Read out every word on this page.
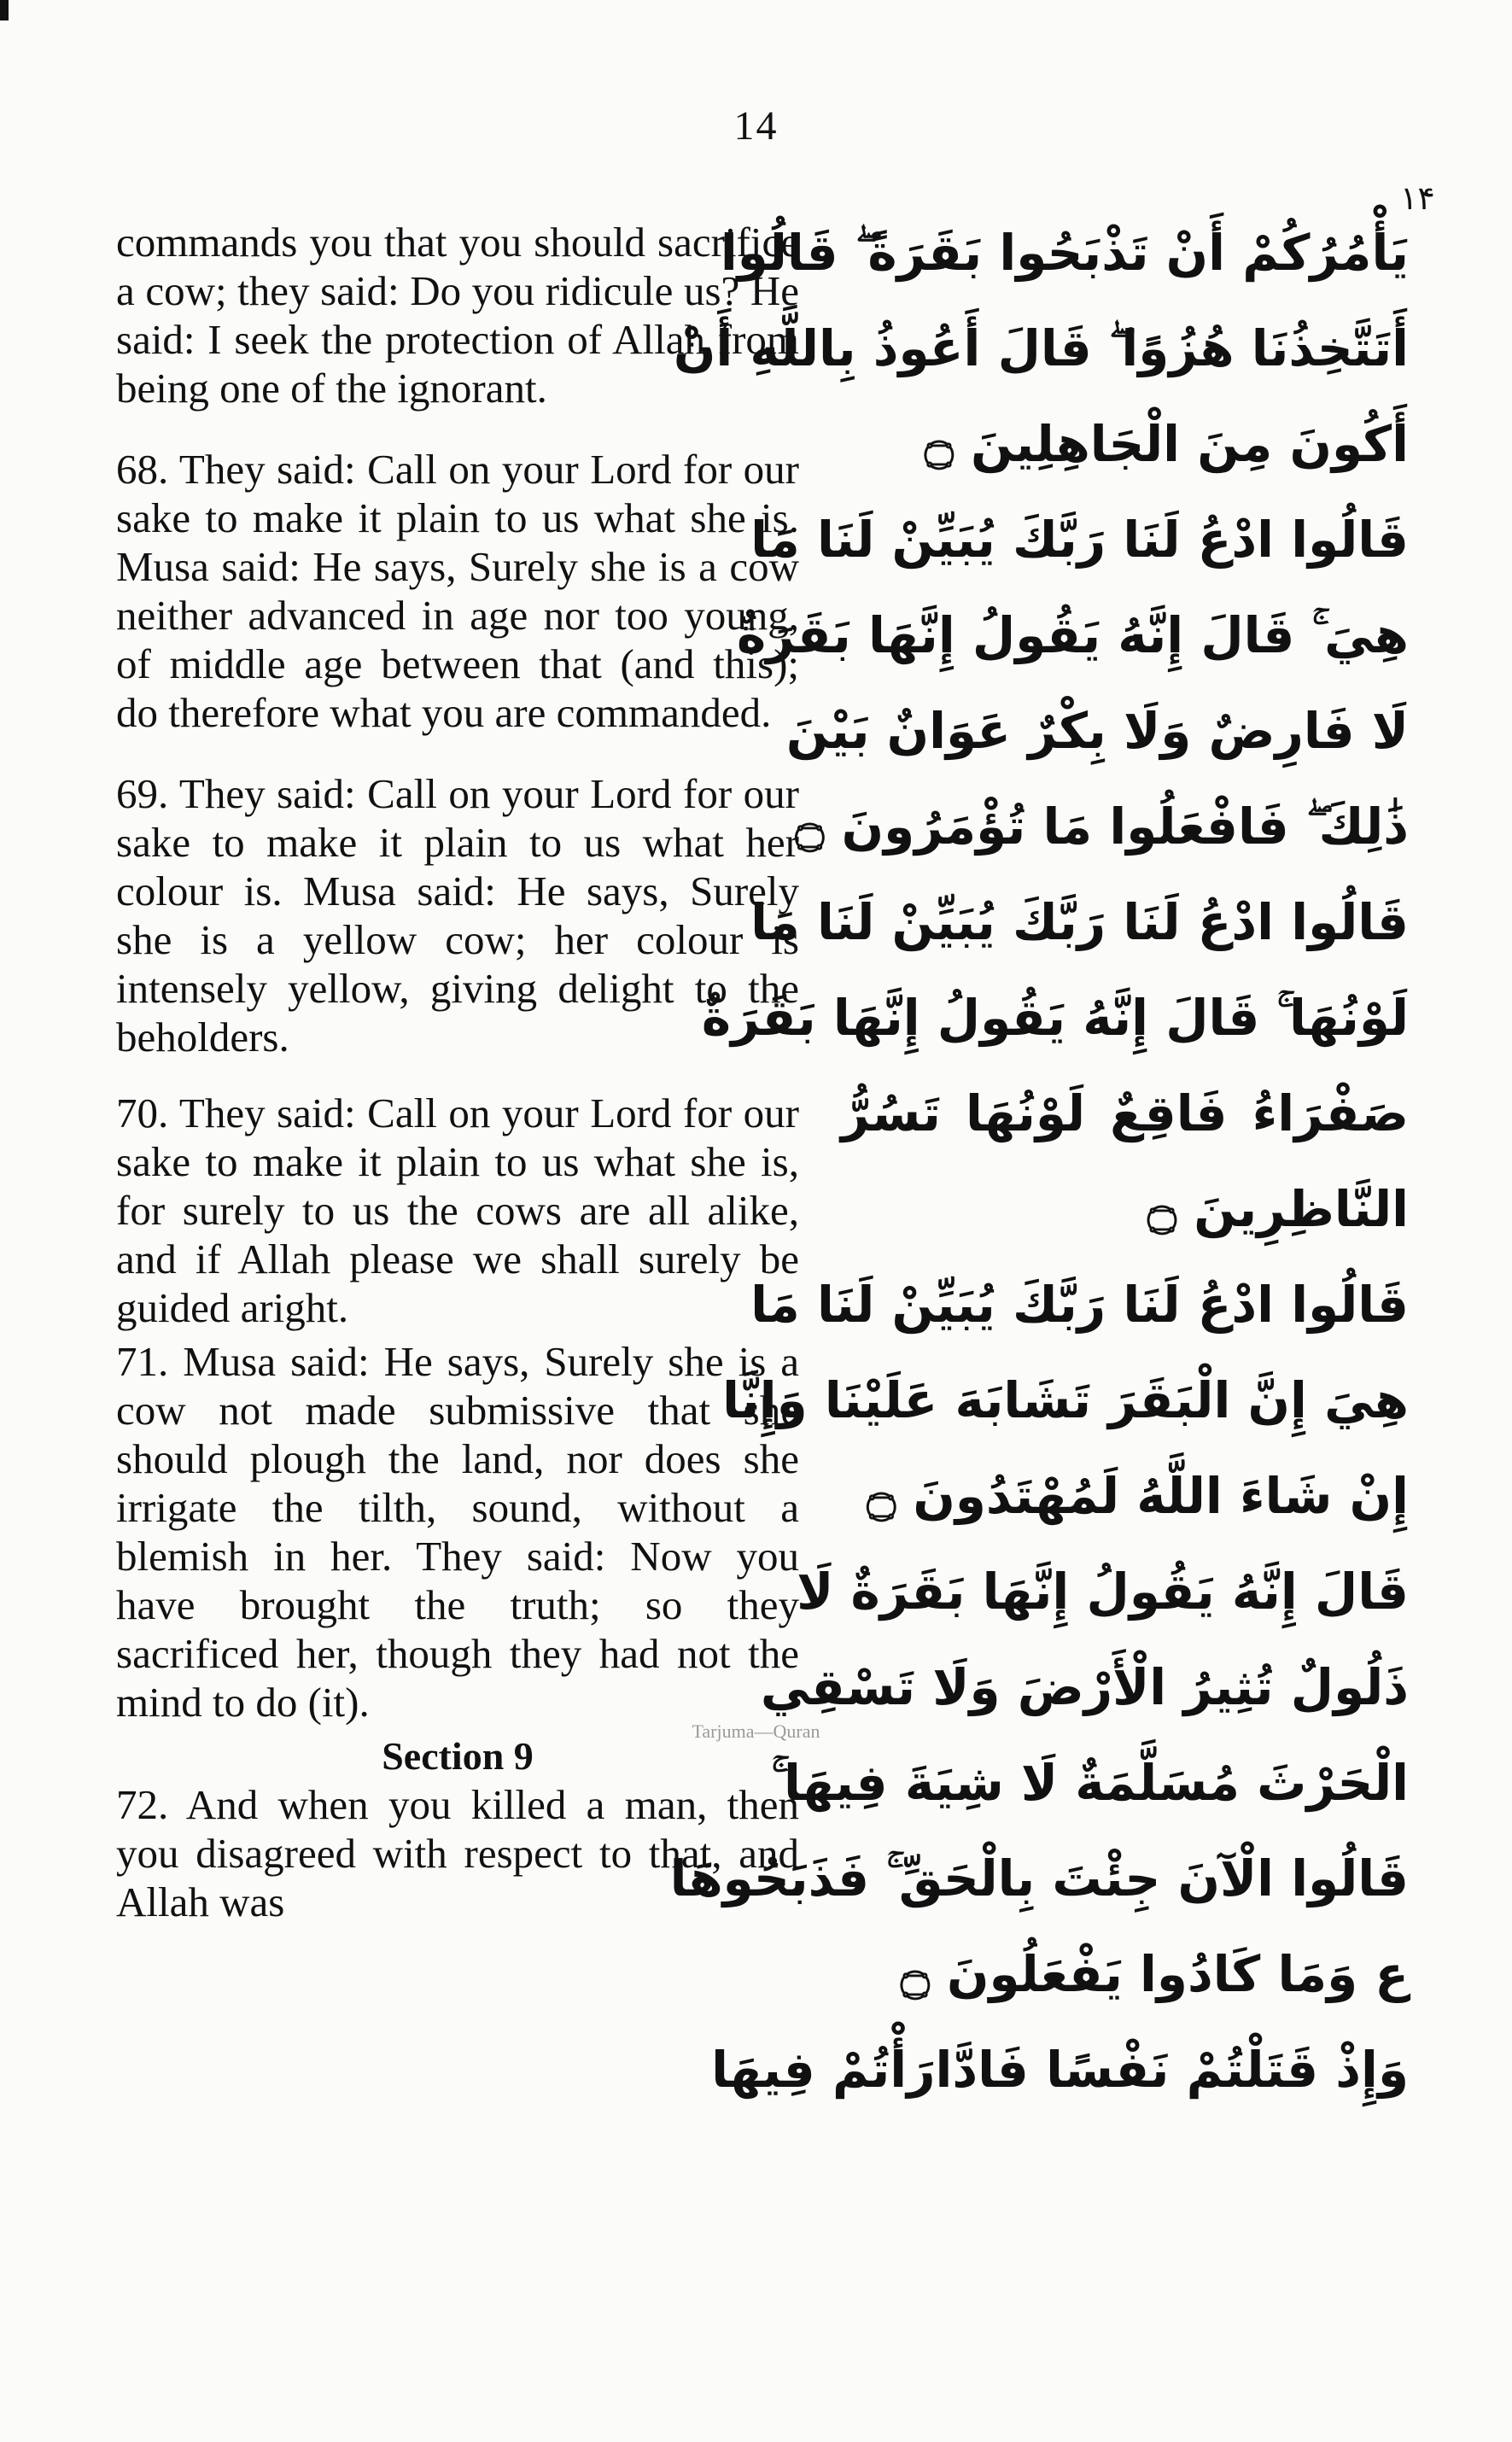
14
۱۴

commands you that you should sacrifice a cow; they said: Do you ridicule us? He said: I seek the protection of Allah from being one of the ignorant.

68. They said: Call on your Lord for our sake to make it plain to us what she is. Musa said: He says, Surely she is a cow neither advanced in age nor too young, of middle age between that (and this); do therefore what you are commanded.

69. They said: Call on your Lord for our sake to make it plain to us what her colour is. Musa said: He says, Surely she is a yellow cow; her colour is intensely yellow, giving delight to the beholders.

70. They said: Call on your Lord for our sake to make it plain to us what she is, for surely to us the cows are all alike, and if Allah please we shall surely be guided aright.

71. Musa said: He says, Surely she is a cow not made submissive that she should plough the land, nor does she irrigate the tilth, sound, without a blemish in her. They said: Now you have brought the truth; so they sacrificed her, though they had not the mind to do (it).

Section 9

72. And when you killed a man, then you disagreed with respect to that, and Allah was

يَأْمُرُكُمْ أَنْ تَذْبَحُوا بَقَرَةً ۖ قَالُوا
أَتَتَّخِذُنَا هُزُوًا ۖ قَالَ أَعُوذُ بِاللَّهِ أَنْ
أَكُونَ مِنَ الْجَاهِلِينَ ۝
قَالُوا ادْعُ لَنَا رَبَّكَ يُبَيِّنْ لَنَا مَا
هِيَ ۚ قَالَ إِنَّهُ يَقُولُ إِنَّهَا بَقَرَةٌ
لَا فَارِضٌ وَلَا بِكْرٌ عَوَانٌ بَيْنَ
ذَٰلِكَ ۖ فَافْعَلُوا مَا تُؤْمَرُونَ ۝
قَالُوا ادْعُ لَنَا رَبَّكَ يُبَيِّنْ لَنَا مَا
لَوْنُهَا ۚ قَالَ إِنَّهُ يَقُولُ إِنَّهَا بَقَرَةٌ
صَفْرَاءُ فَاقِعٌ لَوْنُهَا تَسُرُّ
النَّاظِرِينَ ۝
قَالُوا ادْعُ لَنَا رَبَّكَ يُبَيِّنْ لَنَا مَا
هِيَ إِنَّ الْبَقَرَ تَشَابَهَ عَلَيْنَا وَإِنَّا
إِنْ شَاءَ اللَّهُ لَمُهْتَدُونَ ۝
قَالَ إِنَّهُ يَقُولُ إِنَّهَا بَقَرَةٌ لَا
ذَلُولٌ تُثِيرُ الْأَرْضَ وَلَا تَسْقِي
الْحَرْثَ مُسَلَّمَةٌ لَا شِيَةَ فِيهَا ۚ
قَالُوا الْآنَ جِئْتَ بِالْحَقِّ ۚ فَذَبَحُوهَا
ع وَمَا كَادُوا يَفْعَلُونَ ۝
وَإِذْ قَتَلْتُمْ نَفْسًا فَادَّارَأْتُمْ فِيهَا
Tarjuma—Quran
